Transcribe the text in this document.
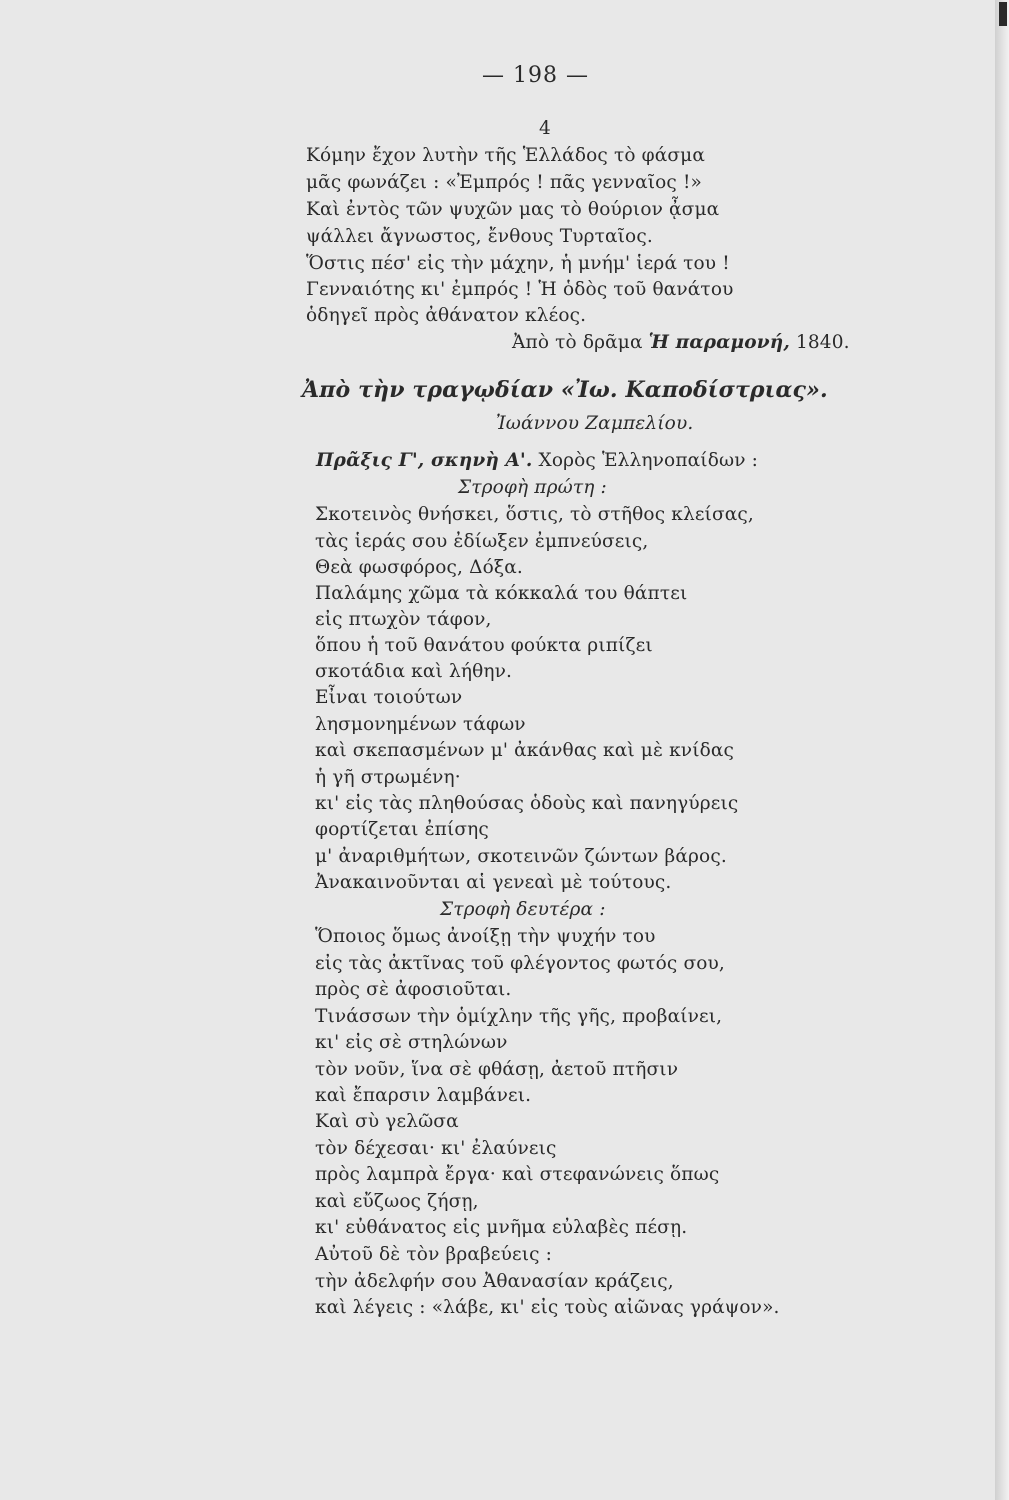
— 198 —
4
Κόμην ἔχον λυτὴν τῆς Ἑλλάδος τὸ φάσμα
μᾶς φωνάζει : «Ἐμπρός ! πᾶς γενναῖος !»
Καὶ ἐντὸς τῶν ψυχῶν μας τὸ θούριον ᾆσμα
ψάλλει ἄγνωστος, ἔνθους Τυρταῖος.
Ὅστις πέσ' εἰς τὴν μάχην, ἡ μνήμ' ἱερά του !
Γενναιότης κι' ἐμπρός ! Ἡ ὁδὸς τοῦ θανάτου
ὁδηγεῖ πρὸς ἀθάνατον κλέος.
Ἀπὸ τὸ δρᾶμα Ἡ παραμονή, 1840.
Ἀπὸ τὴν τραγῳδίαν «Ἰω. Καποδίστριας».
Ἰωάννου Ζαμπελίου.
Πρᾶξις Γ', σκηνὴ Α'. Χορὸς Ἑλληνοπαίδων :
Στροφὴ πρώτη :
Σκοτεινὸς θνήσκει, ὅστις, τὸ στῆθος κλείσας,
τὰς ἱεράς σου ἐδίωξεν ἐμπνεύσεις,
Θεὰ φωσφόρος, Δόξα.
Παλάμης χῶμα τὰ κόκκαλά του θάπτει
εἰς πτωχὸν τάφον,
ὅπου ἡ τοῦ θανάτου φούκτα ριπίζει
σκοτάδια καὶ λήθην.
Εἶναι τοιούτων
λησμονημένων τάφων
καὶ σκεπασμένων μ' ἀκάνθας καὶ μὲ κνίδας
ἡ γῆ στρωμένη·
κι' εἰς τὰς πληθούσας ὁδοὺς καὶ πανηγύρεις
φορτίζεται ἐπίσης
μ' ἀναριθμήτων, σκοτεινῶν ζώντων βάρος.
Ἀνακαινοῦνται αἱ γενεαὶ μὲ τούτους.
Στροφὴ δευτέρα :
Ὅποιος ὅμως ἀνοίξῃ τὴν ψυχήν του
εἰς τὰς ἀκτῖνας τοῦ φλέγοντος φωτός σου,
πρὸς σὲ ἀφοσιοῦται.
Τινάσσων τὴν ὁμίχλην τῆς γῆς, προβαίνει,
κι' εἰς σὲ στηλώνων
τὸν νοῦν, ἵνα σὲ φθάσῃ, ἀετοῦ πτῆσιν
καὶ ἔπαρσιν λαμβάνει.
Καὶ σὺ γελῶσα
τὸν δέχεσαι· κι' ἐλαύνεις
πρὸς λαμπρὰ ἔργα· καὶ στεφανώνεις ὅπως
καὶ εὔζωος ζήσῃ,
κι' εὐθάνατος εἰς μνῆμα εὐλαβὲς πέσῃ.
Αὐτοῦ δὲ τὸν βραβεύεις :
τὴν ἀδελφήν σου Ἀθανασίαν κράζεις,
καὶ λέγεις : «λάβε, κι' εἰς τοὺς αἰῶνας γράψον».
